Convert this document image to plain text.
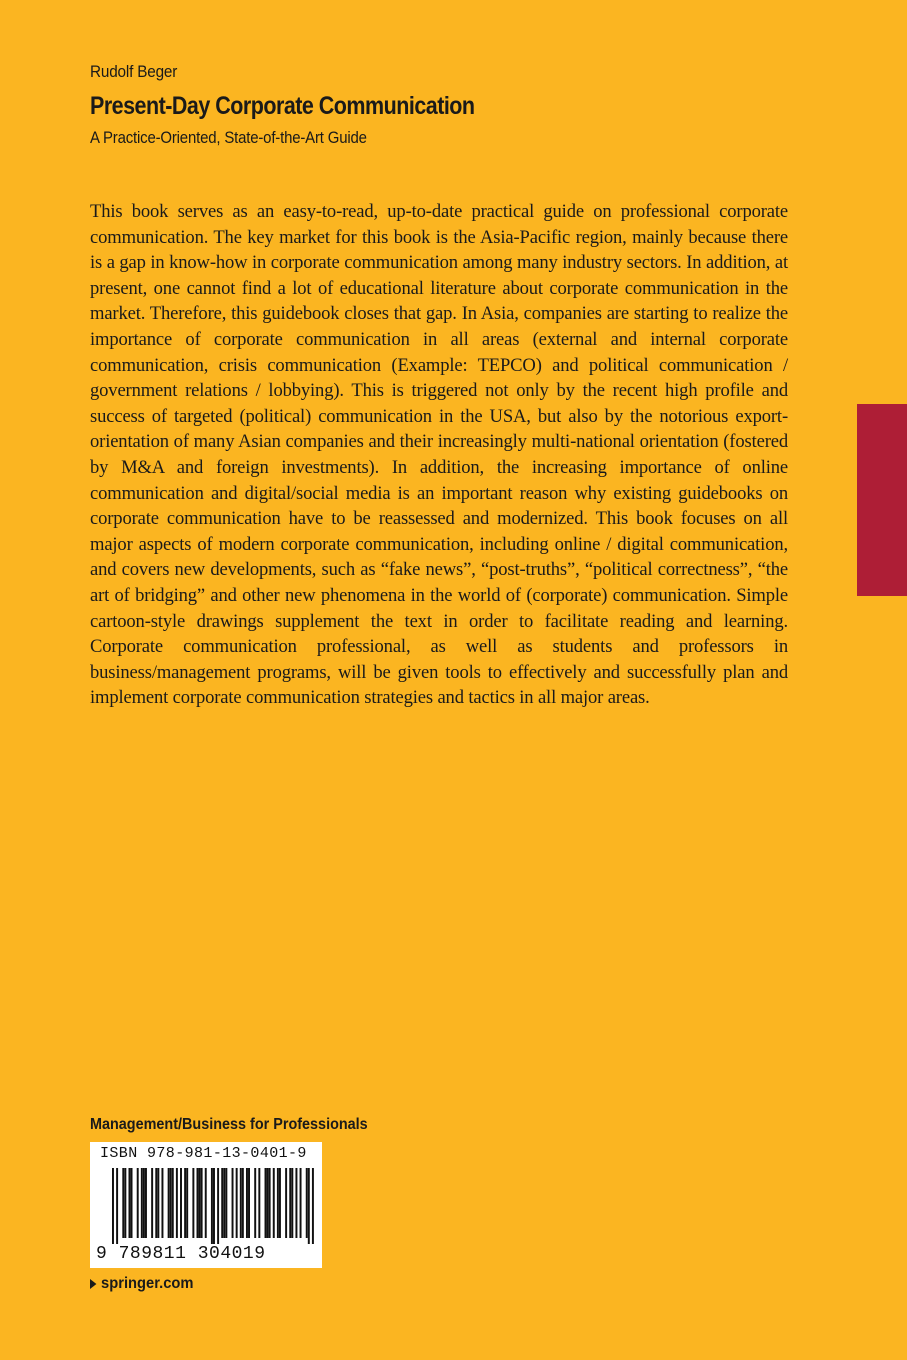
Rudolf Beger
Present-Day Corporate Communication
A Practice-Oriented, State-of-the-Art Guide

This book serves as an easy-to-read, up-to-date practical guide on professional corporate communication. The key market for this book is the Asia-Pacific region, mainly because there is a gap in know-how in corporate communication among many industry sectors. In addition, at present, one cannot find a lot of educational literature about corporate communication in the market. Therefore, this guidebook closes that gap. In Asia, companies are starting to realize the importance of corporate communication in all areas (external and internal corporate communication, crisis communication (Example: TEPCO) and political communication / government relations / lobbying). This is triggered not only by the recent high profile and success of targeted (political) communication in the USA, but also by the notorious export-orientation of many Asian companies and their increasingly multi-national orientation (fostered by M&A and foreign investments). In addition, the increasing importance of online communication and digital/social media is an important reason why existing guidebooks on corporate communication have to be reassessed and modernized. This book focuses on all major aspects of modern corporate communication, including online / digital communication, and covers new developments, such as “fake news”, “post-truths”, “political correctness”, “the art of bridging” and other new phenomena in the world of (corporate) communication. Simple cartoon-style drawings supplement the text in order to facilitate reading and learning. Corporate communication professional, as well as students and professors in business/management programs, will be given tools to effectively and successfully plan and implement corporate communication strategies and tactics in all major areas.

Management/Business for Professionals
ISBN 978-981-13-0401-9
9 789811 304019
springer.com
